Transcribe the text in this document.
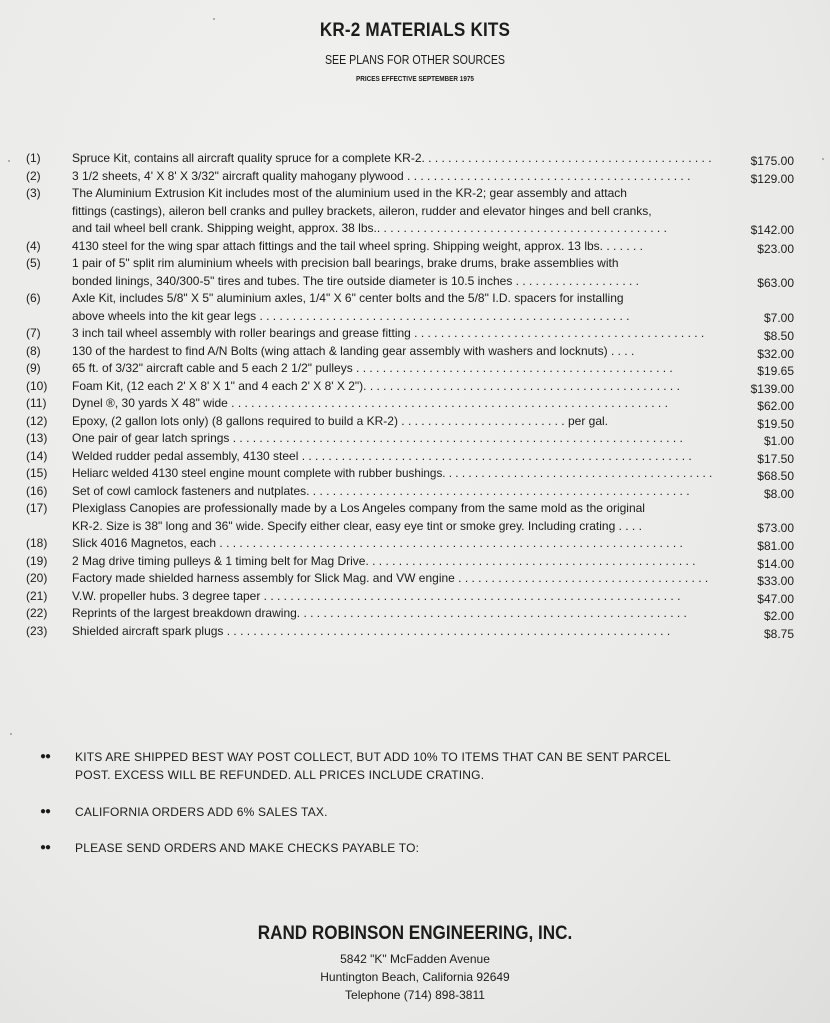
KR-2 MATERIALS KITS
SEE PLANS FOR OTHER SOURCES
PRICES EFFECTIVE SEPTEMBER 1975
(1)	Spruce Kit, contains all aircraft quality spruce for a complete KR-2. . . . . . . . . . . . . . . . . . . . . . . . . . . . . . . . . . . . . . . . . . . .	$175.00
(2)	3 1/2 sheets, 4' X 8' X 3/32" aircraft quality mahogany plywood . . . . . . . . . . . . . . . . . . . . . . . . . . . . . . . . . . . . . . . . . . .	$129.00
(3)	The Aluminium Extrusion Kit includes most of the aluminium used in the KR-2; gear assembly and attach
fittings (castings), aileron bell cranks and pulley brackets, aileron, rudder and elevator hinges and bell cranks,
and tail wheel bell crank. Shipping weight, approx. 38 lbs.. . . . . . . . . . . . . . . . . . . . . . . . . . . . . . . . . . . . . . . . . . . .	$142.00
(4)	4130 steel for the wing spar attach fittings and the tail wheel spring. Shipping weight, approx. 13 lbs. . . . . . .	$23.00
(5)	1 pair of 5" split rim aluminium wheels with precision ball bearings, brake drums, brake assemblies with
bonded linings, 340/300-5" tires and tubes. The tire outside diameter is 10.5 inches . . . . . . . . . . . . . . . . . . .	$63.00
(6)	Axle Kit, includes 5/8" X 5" aluminium axles, 1/4" X 6" center bolts and the 5/8" I.D. spacers for installing
above wheels into the kit gear legs . . . . . . . . . . . . . . . . . . . . . . . . . . . . . . . . . . . . . . . . . . . . . . . . . . . . . . . .	$7.00
(7)	3 inch tail wheel assembly with roller bearings and grease fitting . . . . . . . . . . . . . . . . . . . . . . . . . . . . . . . . . . . . . . . . . . . .	$8.50
(8)	130 of the hardest to find A/N Bolts (wing attach & landing gear assembly with washers and locknuts) . . . .	$32.00
(9)	65 ft. of 3/32" aircraft cable and 5 each 2 1/2" pulleys . . . . . . . . . . . . . . . . . . . . . . . . . . . . . . . . . . . . . . . . . . . . . . . .	$19.65
(10)	Foam Kit, (12 each 2' X 8' X 1" and 4 each 2' X 8' X 2"). . . . . . . . . . . . . . . . . . . . . . . . . . . . . . . . . . . . . . . . . . . . . . . .	$139.00
(11)	Dynel ®, 30 yards X 48" wide . . . . . . . . . . . . . . . . . . . . . . . . . . . . . . . . . . . . . . . . . . . . . . . . . . . . . . . . . . . . . . . . . .	$62.00
(12)	Epoxy, (2 gallon lots only) (8 gallons required to build a KR-2) . . . . . . . . . . . . . . . . . . . . . . . . . per gal.	$19.50
(13)	One pair of gear latch springs . . . . . . . . . . . . . . . . . . . . . . . . . . . . . . . . . . . . . . . . . . . . . . . . . . . . . . . . . . . . . . . . . . . .	$1.00
(14)	Welded rudder pedal assembly, 4130 steel . . . . . . . . . . . . . . . . . . . . . . . . . . . . . . . . . . . . . . . . . . . . . . . . . . . . . . . . . . .	$17.50
(15)	Heliarc welded 4130 steel engine mount complete with rubber bushings. . . . . . . . . . . . . . . . . . . . . . . . . . . . . . . . . . . . . . . . . .	$68.50
(16)	Set of cowl camlock fasteners and nutplates. . . . . . . . . . . . . . . . . . . . . . . . . . . . . . . . . . . . . . . . . . . . . . . . . . . . . . . . . .	$8.00
(17)	Plexiglass Canopies are professionally made by a Los Angeles company from the same mold as the original
KR-2. Size is 38" long and 36" wide. Specify either clear, easy eye tint or smoke grey. Including crating . . . .	$73.00
(18)	Slick 4016 Magnetos, each . . . . . . . . . . . . . . . . . . . . . . . . . . . . . . . . . . . . . . . . . . . . . . . . . . . . . . . . . . . . . . . . . . . . . .	$81.00
(19)	2 Mag drive timing pulleys & 1 timing belt for Mag Drive. . . . . . . . . . . . . . . . . . . . . . . . . . . . . . . . . . . . . . . . . . . . . . . . . .	$14.00
(20)	Factory made shielded harness assembly for Slick Mag. and VW engine . . . . . . . . . . . . . . . . . . . . . . . . . . . . . . . . . . . . . .	$33.00
(21)	V.W. propeller hubs. 3 degree taper . . . . . . . . . . . . . . . . . . . . . . . . . . . . . . . . . . . . . . . . . . . . . . . . . . . . . . . . . . . . . . .	$47.00
(22)	Reprints of the largest breakdown drawing. . . . . . . . . . . . . . . . . . . . . . . . . . . . . . . . . . . . . . . . . . . . . . . . . . . . . . . . . . .	$2.00
(23)	Shielded aircraft spark plugs . . . . . . . . . . . . . . . . . . . . . . . . . . . . . . . . . . . . . . . . . . . . . . . . . . . . . . . . . . . . . . . . . . .	$8.75
●● KITS ARE SHIPPED BEST WAY POST COLLECT, BUT ADD 10% TO ITEMS THAT CAN BE SENT PARCEL
POST. EXCESS WILL BE REFUNDED. ALL PRICES INCLUDE CRATING.
●● CALIFORNIA ORDERS ADD 6% SALES TAX.
●● PLEASE SEND ORDERS AND MAKE CHECKS PAYABLE TO:
RAND ROBINSON ENGINEERING, INC.
5842 "K" McFadden Avenue
Huntington Beach, California 92649
Telephone (714) 898-3811
